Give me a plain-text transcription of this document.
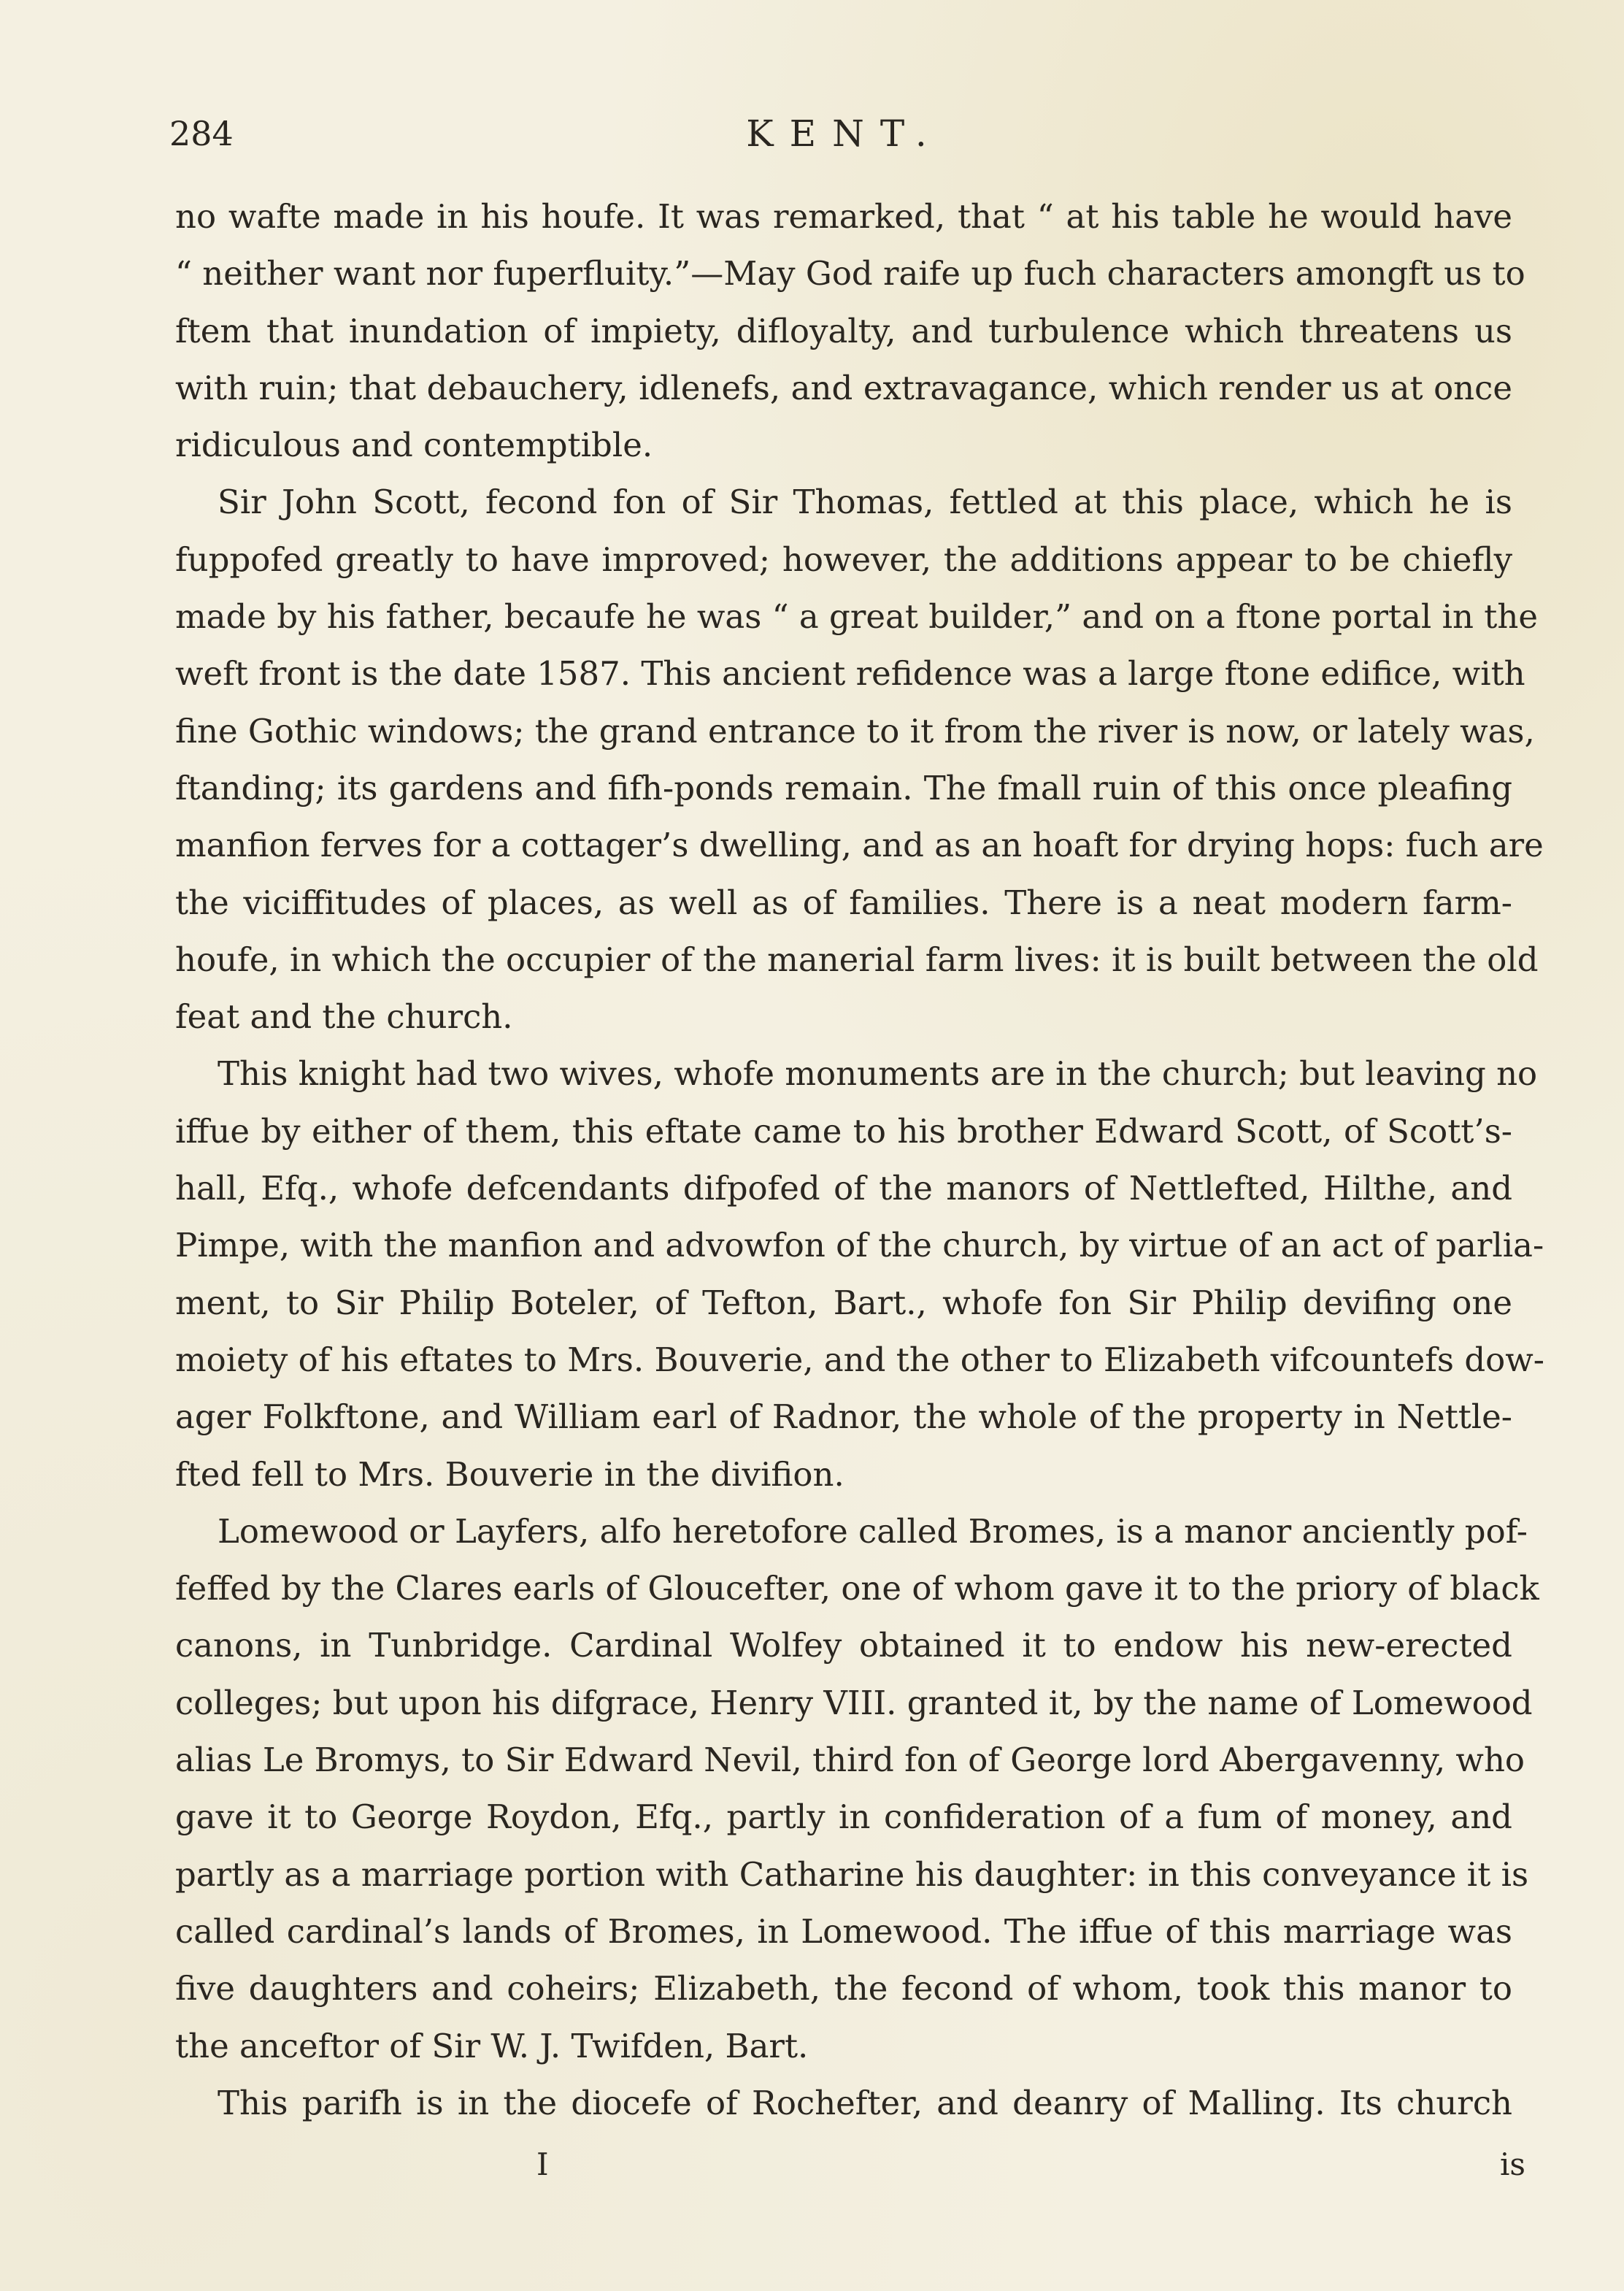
284	KENT.
no wafte made in his houfe. It was remarked, that “ at his table he would have
“ neither want nor fuperfluity.”—May God raife up fuch characters amongft us to
ftem that inundation of impiety, difloyalty, and turbulence which threatens us
with ruin; that debauchery, idlenefs, and extravagance, which render us at once
ridiculous and contemptible.
Sir John Scott, fecond fon of Sir Thomas, fettled at this place, which he is
fuppofed greatly to have improved; however, the additions appear to be chiefly
made by his father, becaufe he was “ a great builder,” and on a ftone portal in the
weft front is the date 1587. This ancient refidence was a large ftone edifice, with
fine Gothic windows; the grand entrance to it from the river is now, or lately was,
ftanding; its gardens and fifh-ponds remain. The fmall ruin of this once pleafing
manfion ferves for a cottager’s dwelling, and as an hoaft for drying hops: fuch are
the viciffitudes of places, as well as of families. There is a neat modern farm-
houfe, in which the occupier of the manerial farm lives: it is built between the old
feat and the church.
This knight had two wives, whofe monuments are in the church; but leaving no
iffue by either of them, this eftate came to his brother Edward Scott, of Scott’s-
hall, Efq., whofe defcendants difpofed of the manors of Nettlefted, Hilthe, and
Pimpe, with the manfion and advowfon of the church, by virtue of an act of parlia-
ment, to Sir Philip Boteler, of Tefton, Bart., whofe fon Sir Philip devifing one
moiety of his eftates to Mrs. Bouverie, and the other to Elizabeth vifcountefs dow-
ager Folkftone, and William earl of Radnor, the whole of the property in Nettle-
fted fell to Mrs. Bouverie in the divifion.
Lomewood or Layfers, alfo heretofore called Bromes, is a manor anciently pof-
feffed by the Clares earls of Gloucefter, one of whom gave it to the priory of black
canons, in Tunbridge. Cardinal Wolfey obtained it to endow his new-erected
colleges; but upon his difgrace, Henry VIII. granted it, by the name of Lomewood
alias Le Bromys, to Sir Edward Nevil, third fon of George lord Abergavenny, who
gave it to George Roydon, Efq., partly in confideration of a fum of money, and
partly as a marriage portion with Catharine his daughter: in this conveyance it is
called cardinal’s lands of Bromes, in Lomewood. The iffue of this marriage was
five daughters and coheirs; Elizabeth, the fecond of whom, took this manor to
the anceftor of Sir W. J. Twifden, Bart.
This parifh is in the diocefe of Rochefter, and deanry of Malling. Its church
I	is
